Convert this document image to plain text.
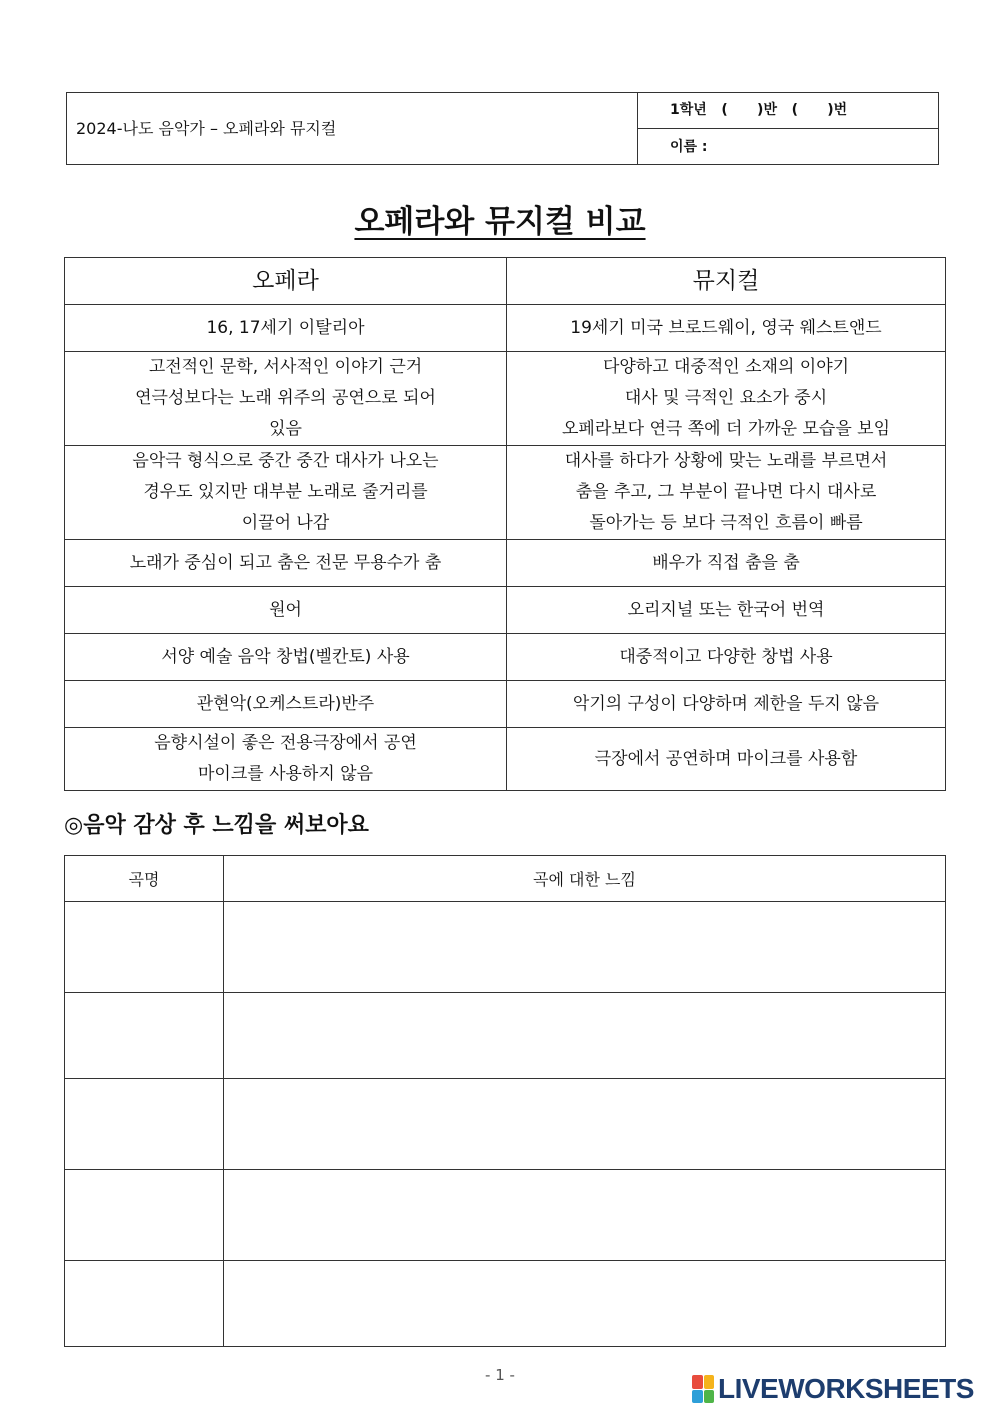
2024-나도 음악가 – 오페라와 뮤지컬
1학년   (      )반   (      )번
이름 :
오페라와 뮤지컬 비교
오페라	뮤지컬

16, 17세기 이탈리아	19세기 미국 브로드웨이, 영국 웨스트앤드

고전적인 문학, 서사적인 이야기 근거
연극성보다는 노래 위주의 공연으로 되어
있음	다양하고 대중적인 소재의 이야기
대사 및 극적인 요소가 중시
오페라보다 연극 쪽에 더 가까운 모습을 보임

음악극 형식으로 중간 중간 대사가 나오는
경우도 있지만 대부분 노래로 줄거리를
이끌어 나감	대사를 하다가 상황에 맞는 노래를 부르면서
춤을 추고, 그 부분이 끝나면 다시 대사로
돌아가는 등 보다 극적인 흐름이 빠름

노래가 중심이 되고 춤은 전문 무용수가 춤	배우가 직접 춤을 춤

원어	오리지널 또는 한국어 번역

서양 예술 음악 창법(벨칸토) 사용	대중적이고 다양한 창법 사용

관현악(오케스트라)반주	악기의 구성이 다양하며 제한을 두지 않음

음향시설이 좋은 전용극장에서 공연
마이크를 사용하지 않음	극장에서 공연하며 마이크를 사용함
◎음악 감상 후 느낌을 써보아요
곡명	곡에 대한 느낌

- 1 -	LIVEWORKSHEETS
